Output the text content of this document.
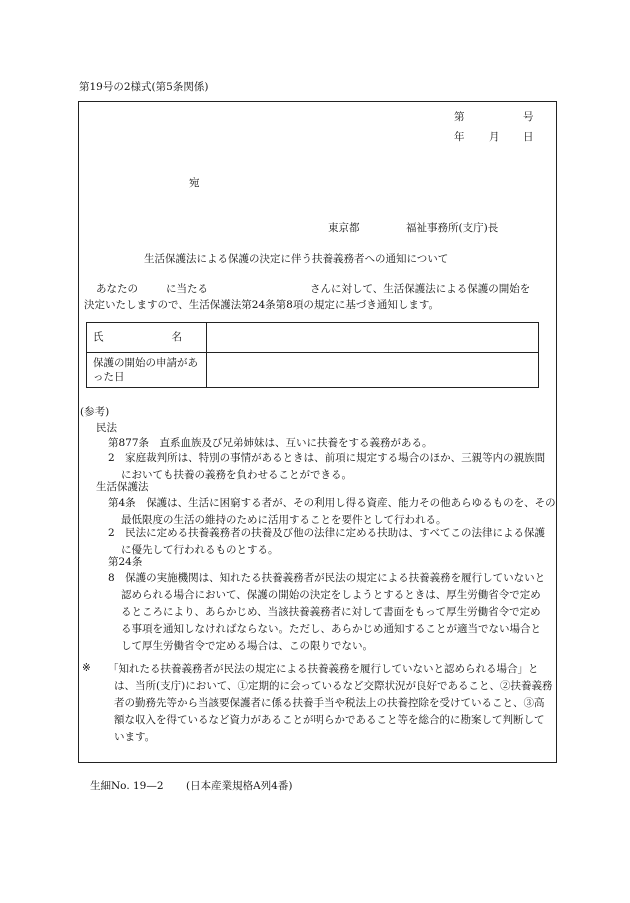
第19号の2様式(第5条関係)
第	号
年 月 日
宛
東京都	福祉事務所(支庁)長
生活保護法による保護の決定に伴う扶養義務者への通知について
あなたの	に当たる	さんに対して、生活保護法による保護の開始を
決定いたしますので、生活保護法第24条第8項の規定に基づき通知します。
氏 名	
保護の開始の申請があった日	
(参考)
民法
第877条　 直系血族及び兄弟姉妹は、互いに扶養をする義務がある。
2　家庭裁判所は、特別の事情があるときは、前項に規定する場合のほか、三親等内の親族間においても扶養の義務を負わせることができる。
生活保護法
第4条　 保護は、生活に困窮する者が、その利用し得る資産、能力その他あらゆるものを、その最低限度の生活の維持のために活用することを要件として行われる。
2　民法に定める扶養義務者の扶養及び他の法律に定める扶助は、すべてこの法律による保護に優先して行われるものとする。
第24条
8　保護の実施機関は、知れたる扶養義務者が民法の規定による扶養義務を履行していないと認められる場合において、保護の開始の決定をしようとするときは、厚生労働省令で定めるところにより、あらかじめ、当該扶養義務者に対して書面をもって厚生労働省令で定める事項を通知しなければならない。ただし、あらかじめ通知することが適当でない場合として厚生労働省令で定める場合は、この限りでない。
※ 「知れたる扶養義務者が民法の規定による扶養義務を履行していないと認められる場合」とは、当所(支庁)において、①定期的に会っているなど交際状況が良好であること、②扶養義務者の勤務先等から当該要保護者に係る扶養手当や税法上の扶養控除を受けていること、③高額な収入を得ているなど資力があることが明らかであること等を総合的に勘案して判断しています。
生細No. 19—2 (日本産業規格A列4番)
